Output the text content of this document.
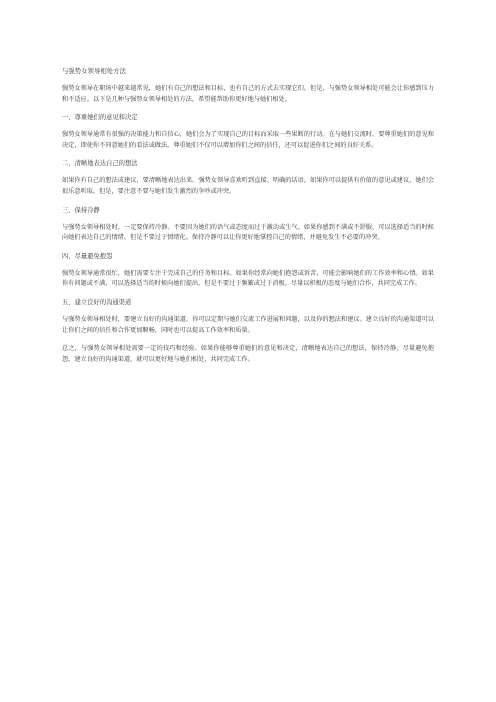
与强势女领导相处方法

强势女领导在职场中越来越常见，她们有自己的想法和目标，也有自己的方式去实现它们。但是，与强势女领导相处可能会让你感到压力和不适应。以下是几种与强势女领导相处的方法，希望能帮助你更好地与她们相处。

一、尊重她们的意见和决定

强势女领导通常有很强的决策能力和自信心，她们会为了实现自己的目标而采取一些果断的行动。在与她们交流时，要尊重她们的意见和决定，即使你不同意她们的看法或做法。尊重她们不仅可以增加你们之间的信任，还可以促进你们之间的良好关系。

二、清晰地表达自己的想法

如果你有自己的想法或建议，要清晰地表达出来。强势女领导喜欢听到直接、明确的话语。如果你可以提供有价值的意见或建议，她们会很乐意听取。但是，要注意不要与她们发生激烈的争吵或冲突。

三、保持冷静

与强势女领导相处时，一定要保持冷静。不要因为她们的语气或态度而过于激动或生气。如果你感到不满或不舒服，可以选择适当的时候向她们表达自己的情绪，但是不要过于情绪化。保持冷静可以让你更好地掌控自己的情绪，并避免发生不必要的冲突。

四、尽量避免抱怨

强势女领导通常很忙，她们需要专注于完成自己的任务和目标。如果你经常向她们抱怨或诉苦，可能会影响她们的工作效率和心情。如果你有问题或不满，可以选择适当的时候向她们提出，但是不要过于频繁或过于消极。尽量以积极的态度与她们合作，共同完成工作。

五、建立良好的沟通渠道

与强势女领导相处时，要建立良好的沟通渠道。你可以定期与她们交流工作进展和问题，以及你的想法和建议。建立良好的沟通渠道可以让你们之间的信任和合作更加顺畅，同时也可以提高工作效率和质量。

总之，与强势女领导相处需要一定的技巧和经验。如果你能够尊重她们的意见和决定，清晰地表达自己的想法，保持冷静，尽量避免抱怨，建立良好的沟通渠道，就可以更好地与她们相处，共同完成工作。
